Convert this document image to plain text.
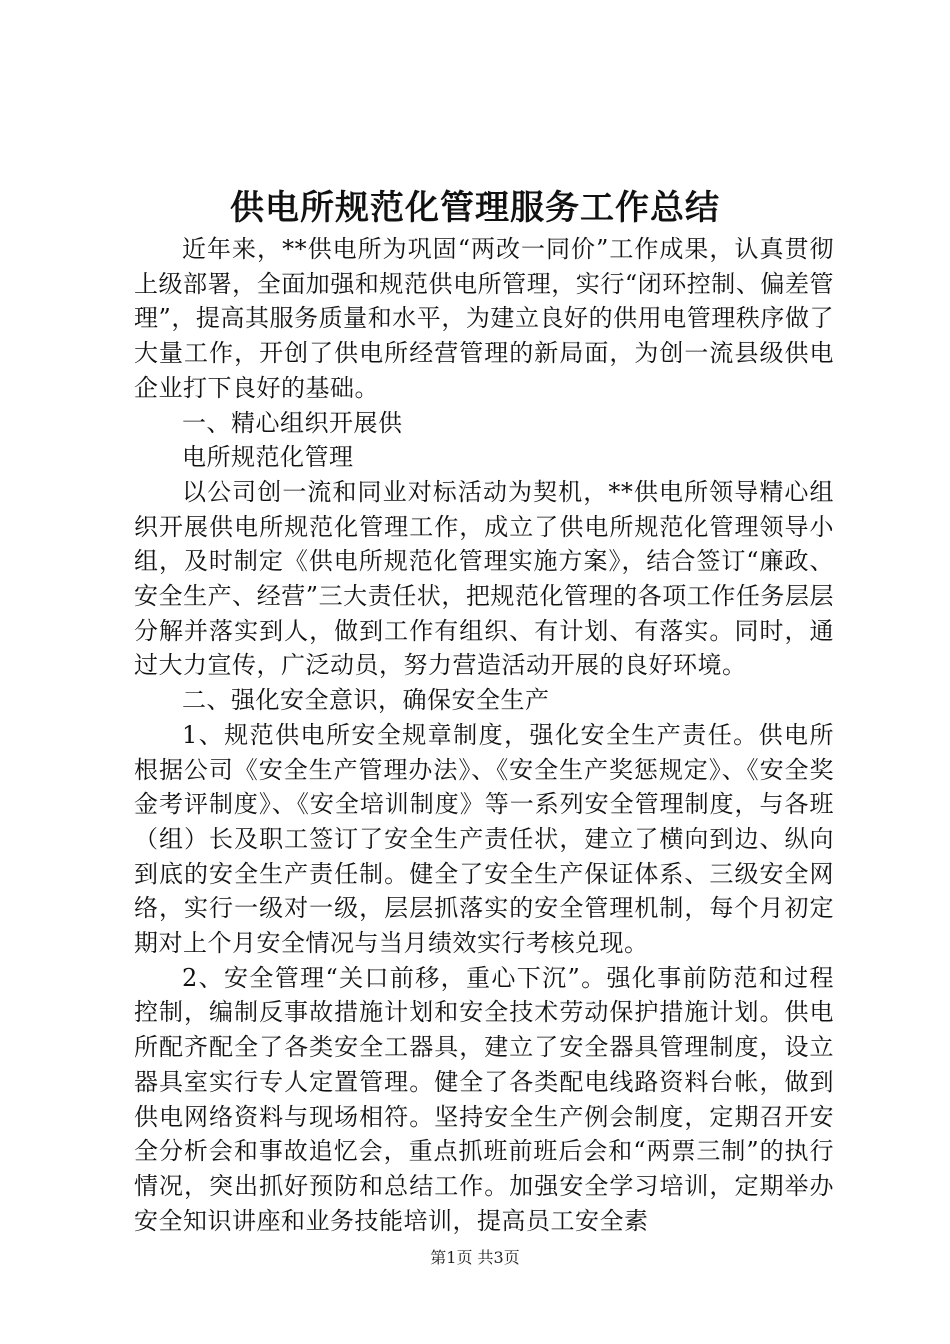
供电所规范化管理服务工作总结

近年来，**供电所为巩固“两改一同价”工作成果，认真贯彻上级部署，全面加强和规范供电所管理，实行“闭环控制、偏差管理”，提高其服务质量和水平，为建立良好的供用电管理秩序做了大量工作，开创了供电所经营管理的新局面，为创一流县级供电企业打下良好的基础。

一、精心组织开展供

电所规范化管理

以公司创一流和同业对标活动为契机，**供电所领导精心组织开展供电所规范化管理工作，成立了供电所规范化管理领导小组，及时制定《供电所规范化管理实施方案》，结合签订“廉政、安全生产、经营”三大责任状，把规范化管理的各项工作任务层层分解并落实到人，做到工作有组织、有计划、有落实。同时，通过大力宣传，广泛动员，努力营造活动开展的良好环境。

二、强化安全意识，确保安全生产

1、规范供电所安全规章制度，强化安全生产责任。供电所根据公司《安全生产管理办法》、《安全生产奖惩规定》、《安全奖金考评制度》、《安全培训制度》等一系列安全管理制度，与各班（组）长及职工签订了安全生产责任状，建立了横向到边、纵向到底的安全生产责任制。健全了安全生产保证体系、三级安全网络，实行一级对一级，层层抓落实的安全管理机制，每个月初定期对上个月安全情况与当月绩效实行考核兑现。

2、安全管理“关口前移，重心下沉”。强化事前防范和过程控制，编制反事故措施计划和安全技术劳动保护措施计划。供电所配齐配全了各类安全工器具，建立了安全器具管理制度，设立器具室实行专人定置管理。健全了各类配电线路资料台帐，做到供电网络资料与现场相符。坚持安全生产例会制度，定期召开安全分析会和事故追忆会，重点抓班前班后会和“两票三制”的执行情况，突出抓好预防和总结工作。加强安全学习培训，定期举办安全知识讲座和业务技能培训，提高员工安全素

第1页 共3页
